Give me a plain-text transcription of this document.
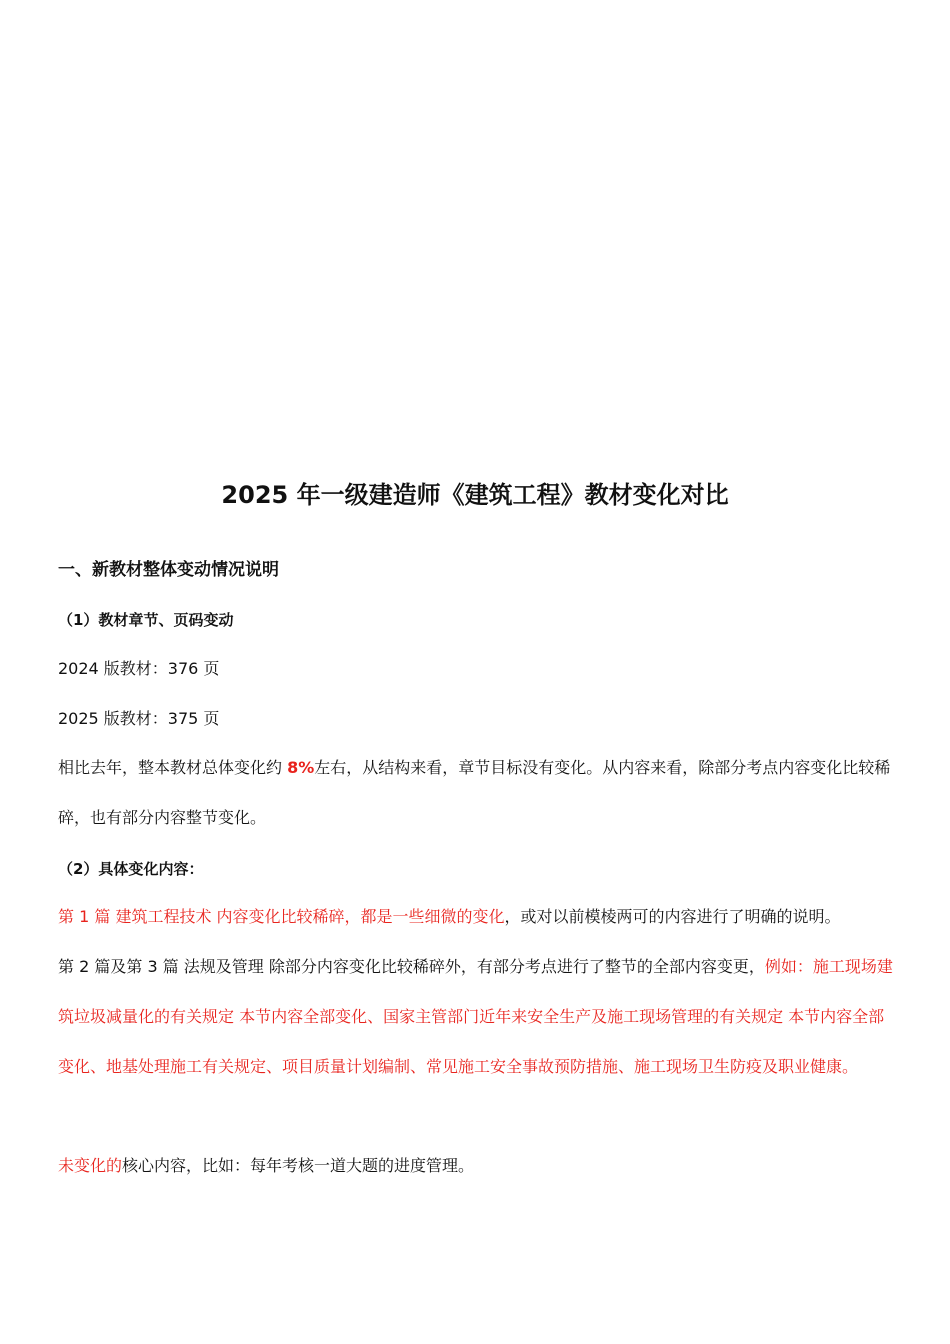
2025 年一级建造师《建筑工程》教材变化对比
一、新教材整体变动情况说明
（1）教材章节、页码变动
2024 版教材：376 页
2025 版教材：375 页
相比去年，整本教材总体变化约 8%左右，从结构来看，章节目标没有变化。从内容来看，除部分考点内容变化比较稀碎，也有部分内容整节变化。
（2）具体变化内容：
第 1 篇 建筑工程技术 内容变化比较稀碎，都是一些细微的变化，或对以前模棱两可的内容进行了明确的说明。
第 2 篇及第 3 篇 法规及管理 除部分内容变化比较稀碎外，有部分考点进行了整节的全部内容变更，例如：施工现场建筑垃圾减量化的有关规定 本节内容全部变化、国家主管部门近年来安全生产及施工现场管理的有关规定 本节内容全部变化、地基处理施工有关规定、项目质量计划编制、常见施工安全事故预防措施、施工现场卫生防疫及职业健康。
未变化的核心内容，比如：每年考核一道大题的进度管理。
